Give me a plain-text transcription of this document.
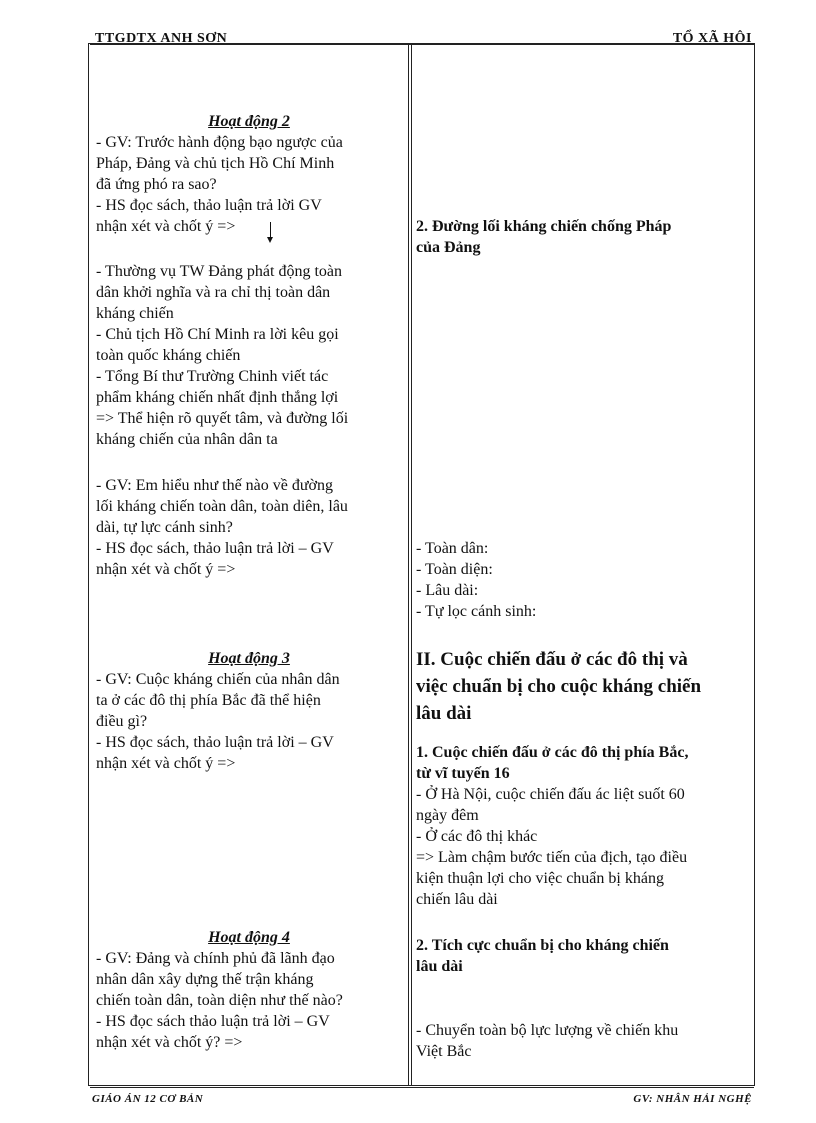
TTGDTX ANH SƠN	TỔ XÃ HỘI
Hoạt động 2
- GV: Trước hành động bạo ngược của
Pháp, Đảng và chủ tịch Hồ Chí Minh
đã ứng phó ra sao?
- HS đọc sách, thảo luận trả lời GV
nhận xét và chốt ý =>
- Thường vụ TW Đảng phát động toàn
dân khởi nghĩa và ra chỉ thị toàn dân
kháng chiến
- Chủ tịch Hồ Chí Minh ra lời kêu gọi
toàn quốc kháng chiến
- Tổng Bí thư Trường Chinh viết tác
phẩm kháng chiến nhất định thắng lợi
=> Thể hiện rõ quyết tâm, và đường lối
kháng chiến của nhân dân ta
- GV: Em hiểu như thế nào về đường
lối kháng chiến toàn dân, toàn diên, lâu
dài, tự lực cánh sinh?
- HS đọc sách, thảo luận trả lời – GV
nhận xét và chốt ý =>
Hoạt động 3
- GV: Cuộc kháng chiến của nhân dân
ta ở các đô thị phía Bắc đã thể hiện
điều gì?
- HS đọc sách, thảo luận trả lời – GV
nhận xét và chốt ý =>
Hoạt động 4
- GV: Đảng và chính phủ đã lãnh đạo
nhân dân xây dựng thế trận kháng
chiến toàn dân, toàn diện như thế nào?
- HS đọc sách thảo luận trả lời – GV
nhận xét và chốt ý? =>
2. Đường lối kháng chiến chống Pháp
của Đảng
- Toàn dân:
- Toàn diện:
- Lâu dài:
- Tự lọc cánh sinh:
II. Cuộc chiến đấu ở các đô thị và
việc chuẩn bị cho cuộc kháng chiến
lâu dài
1. Cuộc chiến đấu ở các đô thị phía Bắc,
từ vĩ tuyến 16
- Ở Hà Nội, cuộc chiến đấu ác liệt suốt 60
ngày đêm
- Ở các đô thị khác
=> Làm chậm bước tiến của địch, tạo điều
kiện thuận lợi cho việc chuẩn bị kháng
chiến lâu dài
2. Tích cực chuẩn bị cho kháng chiến
lâu dài
- Chuyển toàn bộ lực lượng về chiến khu
Việt Bắc
GIÁO ÁN 12 CƠ BẢN	GV: NHÂN HẢI NGHỆ
